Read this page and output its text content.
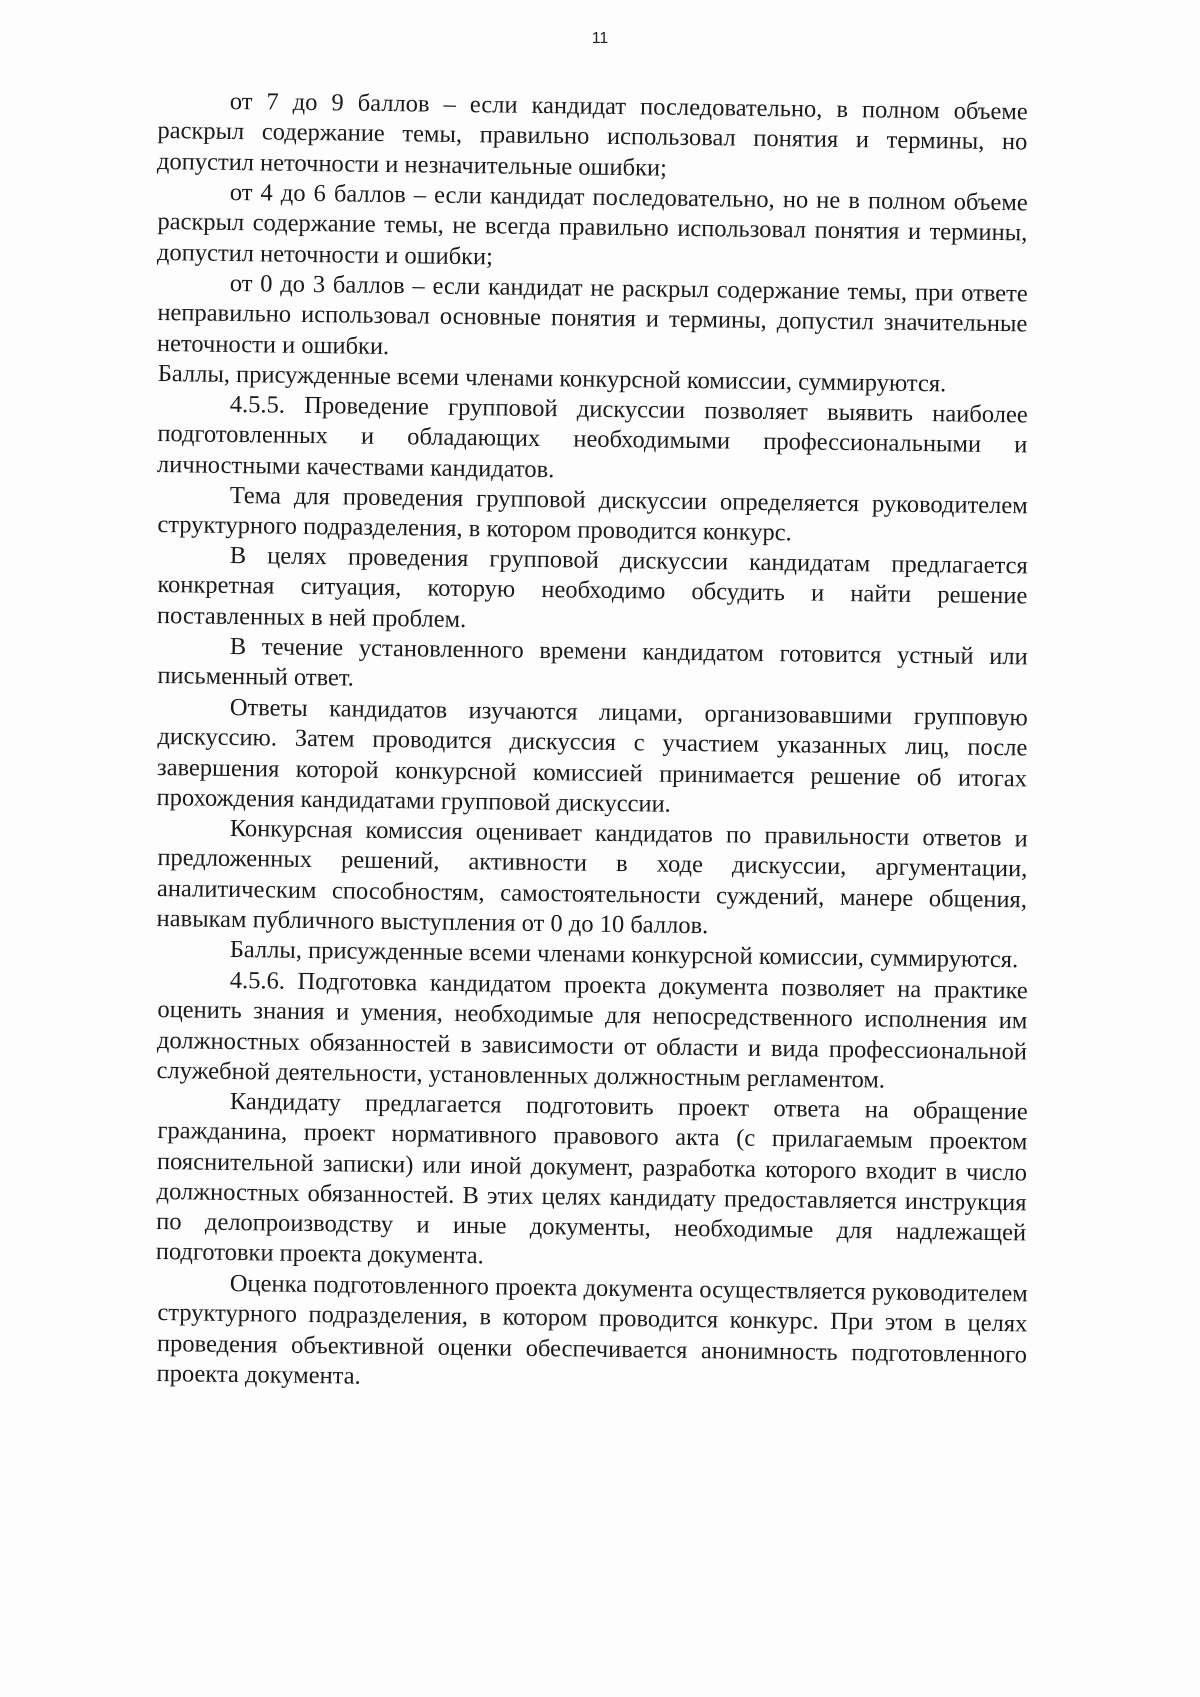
11

от 7 до 9 баллов – если кандидат последовательно, в полном объеме раскрыл содержание темы, правильно использовал понятия и термины, но допустил неточности и незначительные ошибки;

от 4 до 6 баллов – если кандидат последовательно, но не в полном объеме раскрыл содержание темы, не всегда правильно использовал понятия и термины, допустил неточности и ошибки;

от 0 до 3 баллов – если кандидат не раскрыл содержание темы, при ответе неправильно использовал основные понятия и термины, допустил значительные неточности и ошибки.

Баллы, присужденные всеми членами конкурсной комиссии, суммируются.

4.5.5. Проведение групповой дискуссии позволяет выявить наиболее подготовленных и обладающих необходимыми профессиональными и личностными качествами кандидатов.

Тема для проведения групповой дискуссии определяется руководителем структурного подразделения, в котором проводится конкурс.

В целях проведения групповой дискуссии кандидатам предлагается конкретная ситуация, которую необходимо обсудить и найти решение поставленных в ней проблем.

В течение установленного времени кандидатом готовится устный или письменный ответ.

Ответы кандидатов изучаются лицами, организовавшими групповую дискуссию. Затем проводится дискуссия с участием указанных лиц, после завершения которой конкурсной комиссией принимается решение об итогах прохождения кандидатами групповой дискуссии.

Конкурсная комиссия оценивает кандидатов по правильности ответов и предложенных решений, активности в ходе дискуссии, аргументации, аналитическим способностям, самостоятельности суждений, манере общения, навыкам публичного выступления от 0 до 10 баллов.

Баллы, присужденные всеми членами конкурсной комиссии, суммируются.

4.5.6. Подготовка кандидатом проекта документа позволяет на практике оценить знания и умения, необходимые для непосредственного исполнения им должностных обязанностей в зависимости от области и вида профессиональной служебной деятельности, установленных должностным регламентом.

Кандидату предлагается подготовить проект ответа на обращение гражданина, проект нормативного правового акта (с прилагаемым проектом пояснительной записки) или иной документ, разработка которого входит в число должностных обязанностей. В этих целях кандидату предоставляется инструкция по делопроизводству и иные документы, необходимые для надлежащей подготовки проекта документа.

Оценка подготовленного проекта документа осуществляется руководителем структурного подразделения, в котором проводится конкурс. При этом в целях проведения объективной оценки обеспечивается анонимность подготовленного проекта документа.
